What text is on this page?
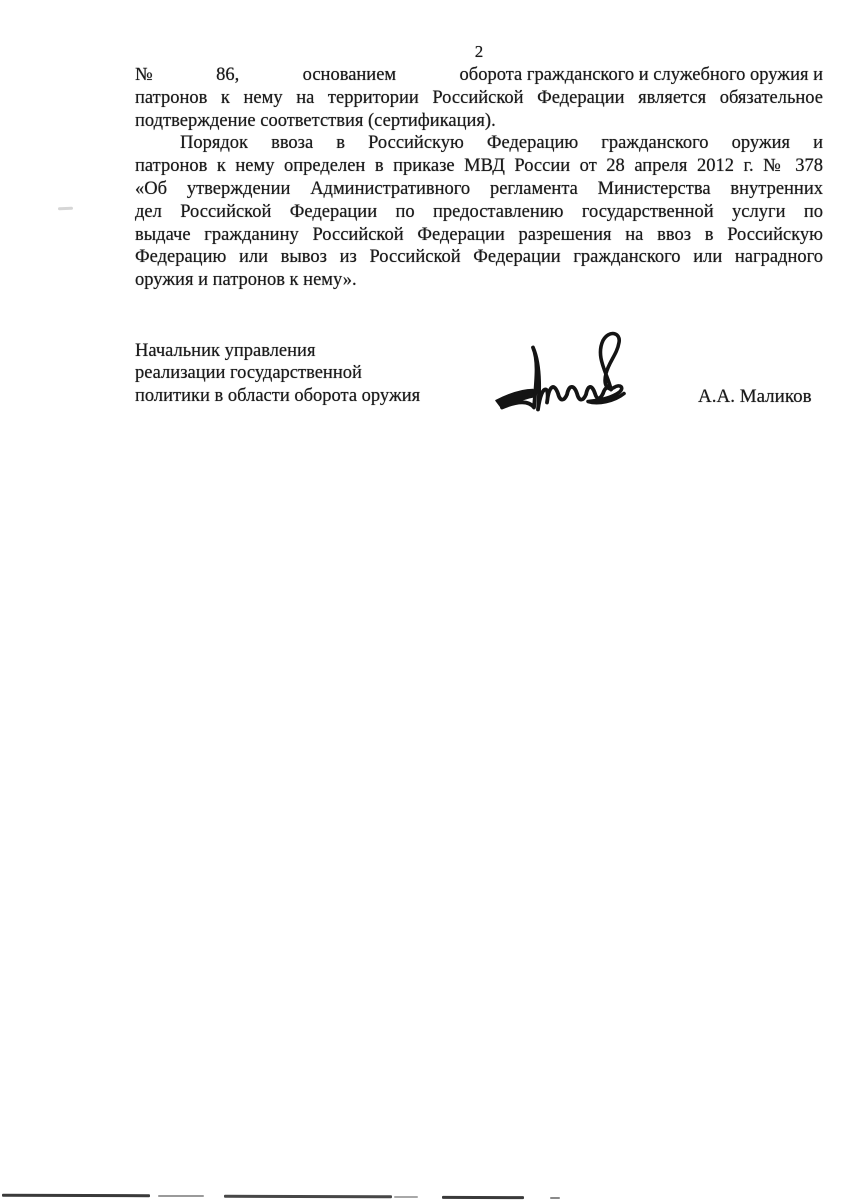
2
№	86,	основанием	оборота гражданского и служебного оружия и
патронов к нему на территории Российской Федерации является обязательное
подтверждение соответствия (сертификация).
Порядок ввоза в Российскую Федерацию гражданского оружия и
патронов к нему определен в приказе МВД России от 28 апреля 2012 г. № 378
«Об утверждении Административного регламента Министерства внутренних
дел Российской Федерации по предоставлению государственной услуги по
выдаче гражданину Российской Федерации разрешения на ввоз в Российскую
Федерацию или вывоз из Российской Федерации гражданского или наградного
оружия и патронов к нему».
Начальник управления
реализации государственной
политики в области оборота оружия	А.А. Маликов
